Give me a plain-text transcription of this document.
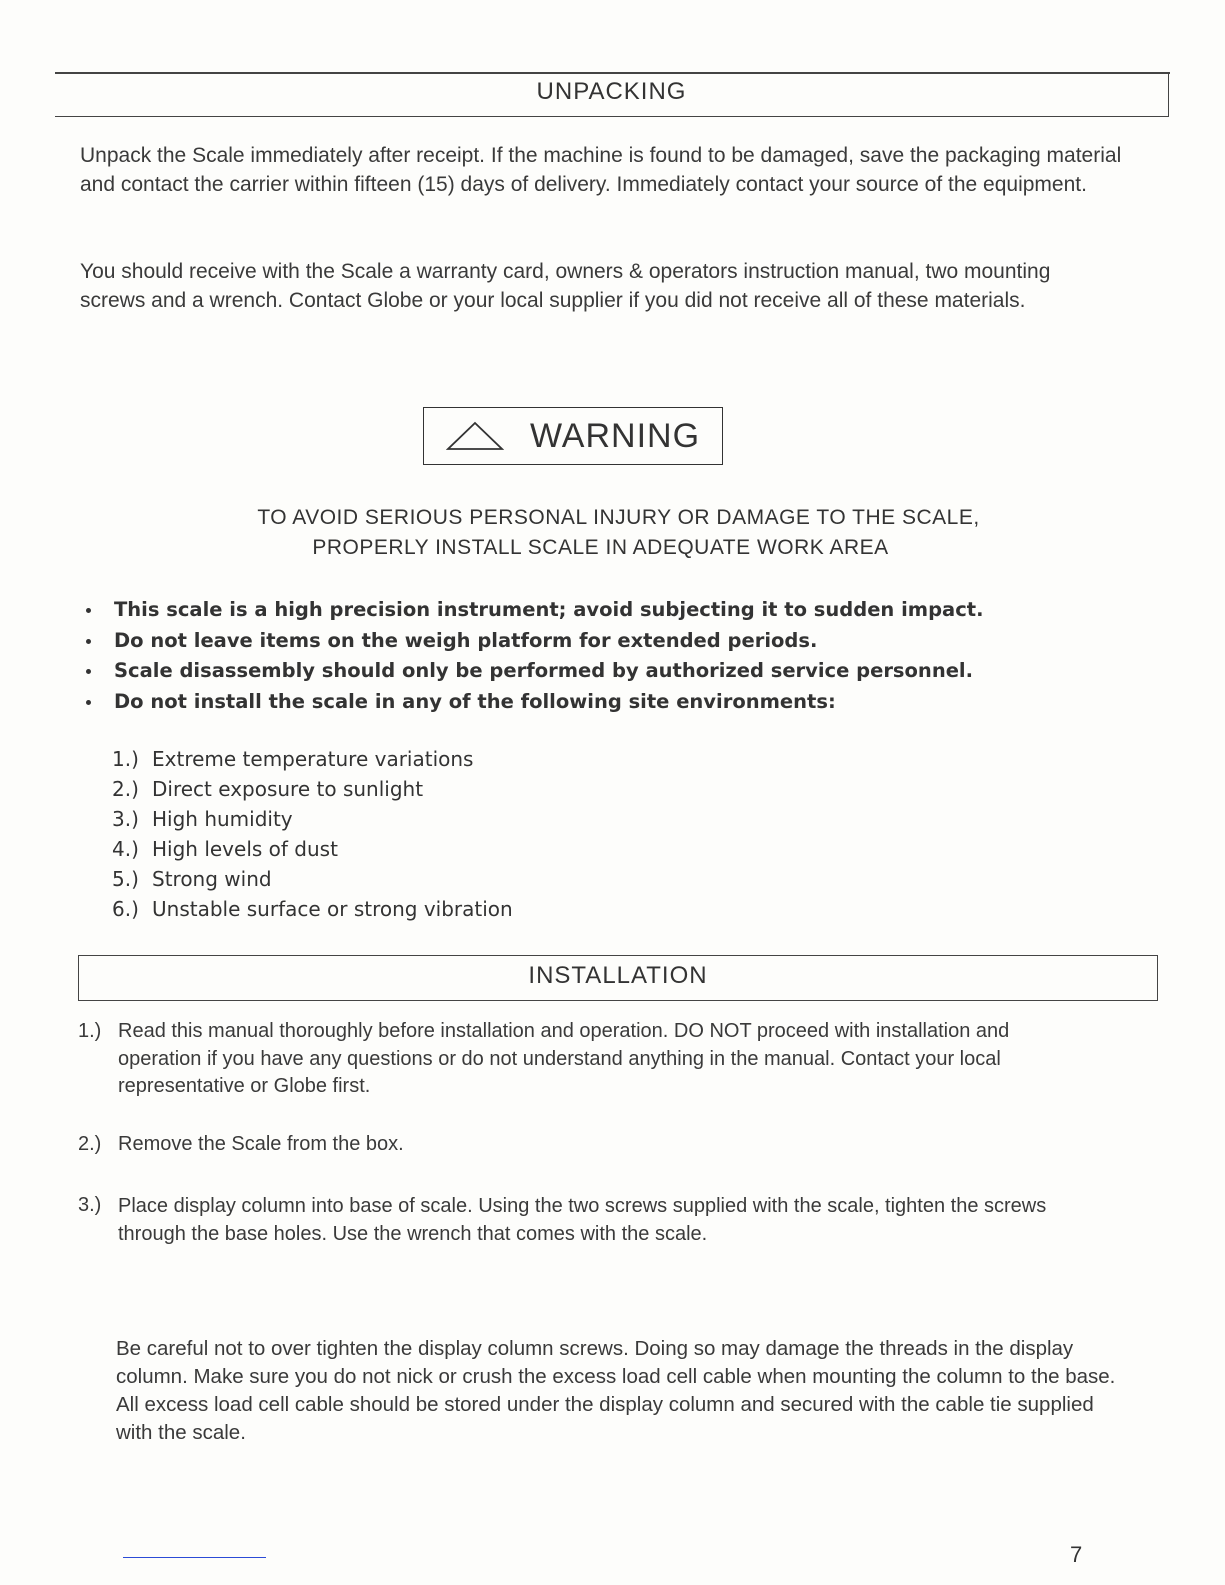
UNPACKING

Unpack the Scale immediately after receipt. If the machine is found to be damaged, save the packaging material and contact the carrier within fifteen (15) days of delivery. Immediately contact your source of the equipment.

You should receive with the Scale a warranty card, owners & operators instruction manual, two mounting screws and a wrench. Contact Globe or your local supplier if you did not receive all of these materials.

WARNING
TO AVOID SERIOUS PERSONAL INJURY OR DAMAGE TO THE SCALE,
PROPERLY INSTALL SCALE IN ADEQUATE WORK AREA
This scale is a high precision instrument; avoid subjecting it to sudden impact.
Do not leave items on the weigh platform for extended periods.
Scale disassembly should only be performed by authorized service personnel.
Do not install the scale in any of the following site environments:
1.) Extreme temperature variations
2.) Direct exposure to sunlight
3.) High humidity
4.) High levels of dust
5.) Strong wind
6.) Unstable surface or strong vibration
INSTALLATION
1.) Read this manual thoroughly before installation and operation. DO NOT proceed with installation and operation if you have any questions or do not understand anything in the manual. Contact your local representative or Globe first.
2.) Remove the Scale from the box.
3.) Place display column into base of scale. Using the two screws supplied with the scale, tighten the screws through the base holes. Use the wrench that comes with the scale.

Be careful not to over tighten the display column screws. Doing so may damage the threads in the display column. Make sure you do not nick or crush the excess load cell cable when mounting the column to the base. All excess load cell cable should be stored under the display column and secured with the cable tie supplied with the scale.

7
